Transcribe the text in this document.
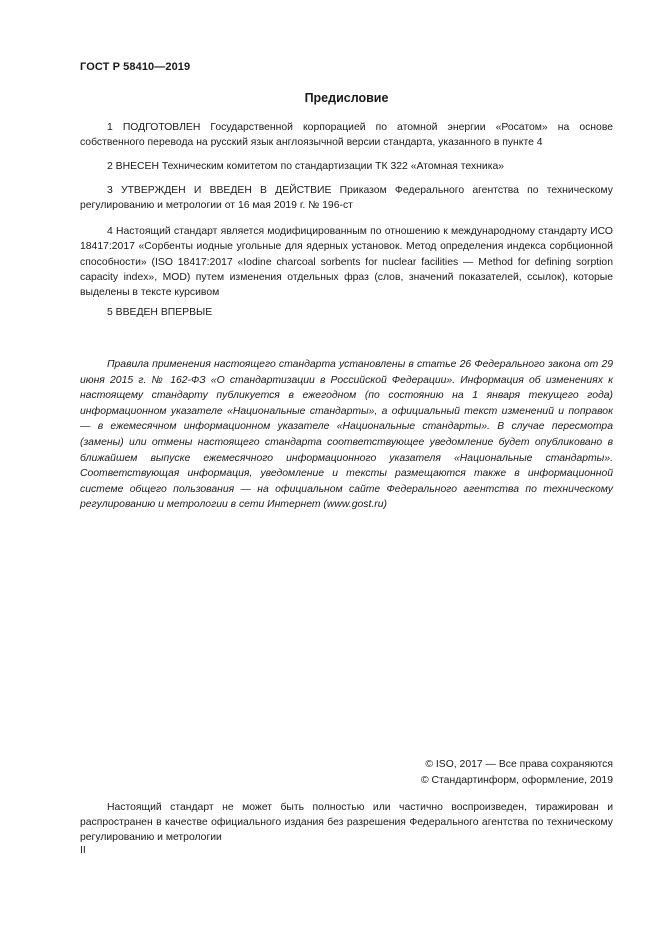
ГОСТ Р 58410—2019
Предисловие
1 ПОДГОТОВЛЕН Государственной корпорацией по атомной энергии «Росатом» на основе собственного перевода на русский язык англоязычной версии стандарта, указанного в пункте 4
2 ВНЕСЕН Техническим комитетом по стандартизации ТК 322 «Атомная техника»
3 УТВЕРЖДЕН И ВВЕДЕН В ДЕЙСТВИЕ Приказом Федерального агентства по техническому регулированию и метрологии от 16 мая 2019 г. № 196-ст
4 Настоящий стандарт является модифицированным по отношению к международному стандарту ИСО 18417:2017 «Сорбенты иодные угольные для ядерных установок. Метод определения индекса сорбционной способности» (ISO 18417:2017 «Iodine charcoal sorbents for nuclear facilities — Method for defining sorption capacity index», MOD) путем изменения отдельных фраз (слов, значений показателей, ссылок), которые выделены в тексте курсивом
5 ВВЕДЕН ВПЕРВЫЕ
Правила применения настоящего стандарта установлены в статье 26 Федерального закона от 29 июня 2015 г. № 162-ФЗ «О стандартизации в Российской Федерации». Информация об изменениях к настоящему стандарту публикуется в ежегодном (по состоянию на 1 января текущего года) информационном указателе «Национальные стандарты», а официальный текст изменений и поправок — в ежемесячном информационном указателе «Национальные стандарты». В случае пересмотра (замены) или отмены настоящего стандарта соответствующее уведомление будет опубликовано в ближайшем выпуске ежемесячного информационного указателя «Национальные стандарты». Соответствующая информация, уведомление и тексты размещаются также в информационной системе общего пользования — на официальном сайте Федерального агентства по техническому регулированию и метрологии в сети Интернет (www.gost.ru)
© ISO, 2017 — Все права сохраняются
© Стандартинформ, оформление, 2019
Настоящий стандарт не может быть полностью или частично воспроизведен, тиражирован и распространен в качестве официального издания без разрешения Федерального агентства по техническому регулированию и метрологии
II
